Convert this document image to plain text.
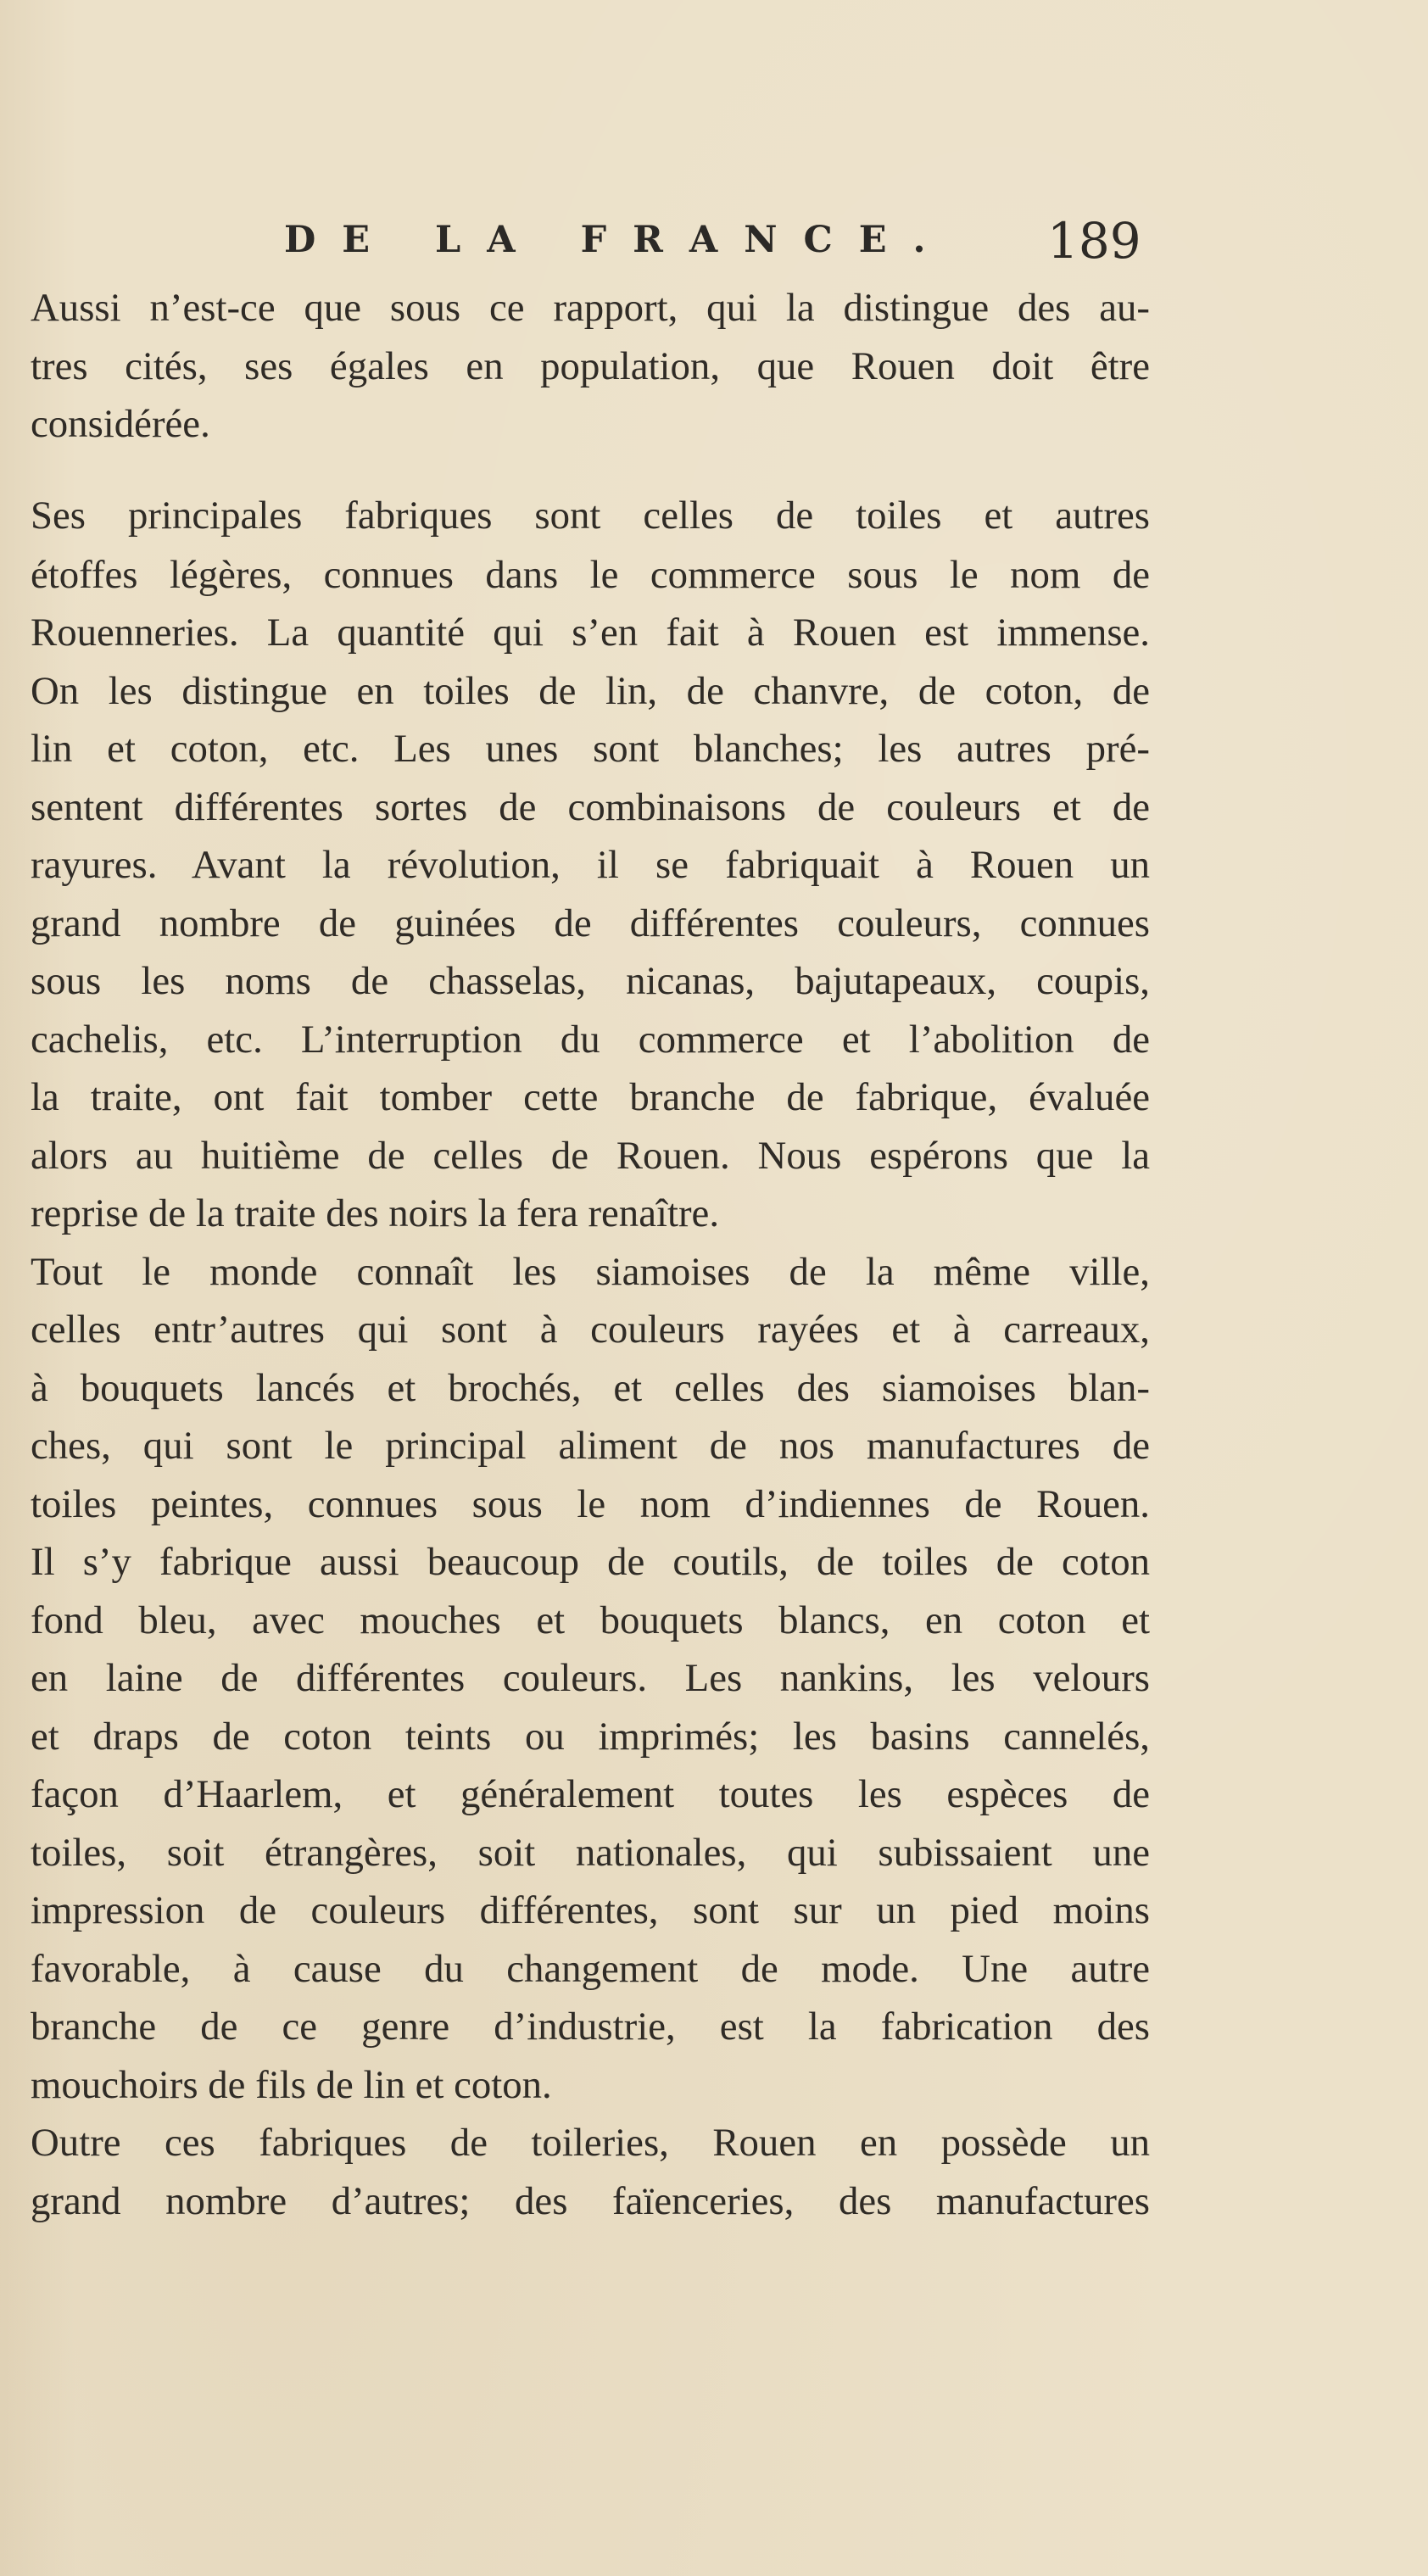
DE LA FRANCE. 189
Aussi n’est-ce que sous ce rapport, qui la distingue des au-
tres cités, ses égales en population, que Rouen doit être
considérée.
Ses principales fabriques sont celles de toiles et autres
étoffes légères, connues dans le commerce sous le nom de
Rouenneries. La quantité qui s’en fait à Rouen est immense.
On les distingue en toiles de lin, de chanvre, de coton, de
lin et coton, etc. Les unes sont blanches; les autres pré-
sentent différentes sortes de combinaisons de couleurs et de
rayures. Avant la révolution, il se fabriquait à Rouen un
grand nombre de guinées de différentes couleurs, connues
sous les noms de chasselas, nicanas, bajutapeaux, coupis,
cachelis, etc. L’interruption du commerce et l’abolition de
la traite, ont fait tomber cette branche de fabrique, évaluée
alors au huitième de celles de Rouen. Nous espérons que la
reprise de la traite des noirs la fera renaître.
Tout le monde connaît les siamoises de la même ville,
celles entr’autres qui sont à couleurs rayées et à carreaux,
à bouquets lancés et brochés, et celles des siamoises blan-
ches, qui sont le principal aliment de nos manufactures de
toiles peintes, connues sous le nom d’indiennes de Rouen.
Il s’y fabrique aussi beaucoup de coutils, de toiles de coton
fond bleu, avec mouches et bouquets blancs, en coton et
en laine de différentes couleurs. Les nankins, les velours
et draps de coton teints ou imprimés; les basins cannelés,
façon d’Haarlem, et généralement toutes les espèces de
toiles, soit étrangères, soit nationales, qui subissaient une
impression de couleurs différentes, sont sur un pied moins
favorable, à cause du changement de mode. Une autre
branche de ce genre d’industrie, est la fabrication des
mouchoirs de fils de lin et coton.
Outre ces fabriques de toileries, Rouen en possède un
grand nombre d’autres; des faïenceries, des manufactures
